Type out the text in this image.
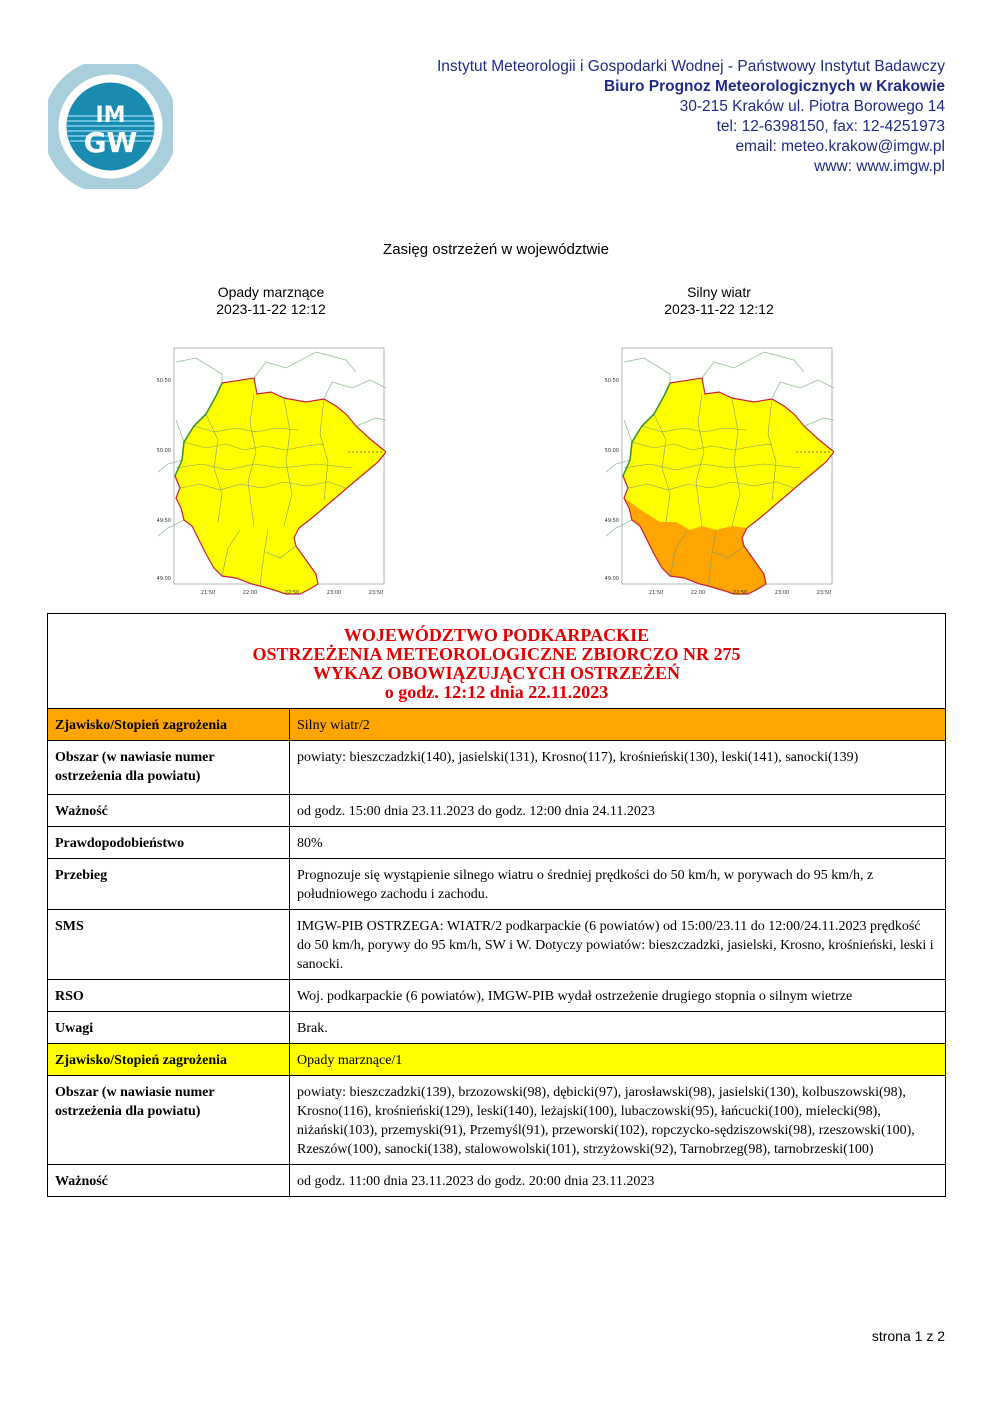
IM
GW
Instytut Meteorologii i Gospodarki Wodnej - Państwowy Instytut Badawczy
Biuro Prognoz Meteorologicznych w Krakowie
30-215 Kraków ul. Piotra Borowego 14
tel: 12-6398150, fax: 12-4251973
email: meteo.krakow@imgw.pl
www: www.imgw.pl
Zasięg ostrzeżeń w województwie
Opady marznące
2023-11-22 12:12
50:50
50:00
49:50
49:00
21:50	22:00	22:50	23:00	23:50
Silny wiatr
2023-11-22 12:12
50:50
50:00
49:50
49:00
21:50	22:00	22:50	23:00	23:50
WOJEWÓDZTWO PODKARPACKIE
OSTRZEŻENIA METEOROLOGICZNE ZBIORCZO NR 275
WYKAZ OBOWIĄZUJĄCYCH OSTRZEŻEŃ
o godz. 12:12 dnia 22.11.2023	

Zjawisko/Stopień zagrożenia	Silny wiatr/2
Obszar (w nawiasie numer ostrzeżenia dla powiatu)	powiaty: bieszczadzki(140), jasielski(131), Krosno(117), krośnieński(130), leski(141), sanocki(139)
Ważność	od godz. 15:00 dnia 23.11.2023 do godz. 12:00 dnia 24.11.2023
Prawdopodobieństwo	80%
Przebieg	Prognozuje się wystąpienie silnego wiatru o średniej prędkości do 50 km/h, w porywach do 95 km/h, z południowego zachodu i zachodu.
SMS	IMGW-PIB OSTRZEGA: WIATR/2 podkarpackie (6 powiatów) od 15:00/23.11 do 12:00/24.11.2023 prędkość do 50 km/h, porywy do 95 km/h, SW i W. Dotyczy powiatów: bieszczadzki, jasielski, Krosno, krośnieński, leski i sanocki.
RSO	Woj. podkarpackie (6 powiatów), IMGW-PIB wydał ostrzeżenie drugiego stopnia o silnym wietrze
Uwagi	Brak.
Zjawisko/Stopień zagrożenia	Opady marznące/1
Obszar (w nawiasie numer ostrzeżenia dla powiatu)	powiaty: bieszczadzki(139), brzozowski(98), dębicki(97), jarosławski(98), jasielski(130), kolbuszowski(98), Krosno(116), krośnieński(129), leski(140), leżajski(100), lubaczowski(95), łańcucki(100), mielecki(98), niżański(103), przemyski(91), Przemyśl(91), przeworski(102), ropczycko-sędziszowski(98), rzeszowski(100), Rzeszów(100), sanocki(138), stalowowolski(101), strzyżowski(92), Tarnobrzeg(98), tarnobrzeski(100)
Ważność	od godz. 11:00 dnia 23.11.2023 do godz. 20:00 dnia 23.11.2023
strona 1 z 2
